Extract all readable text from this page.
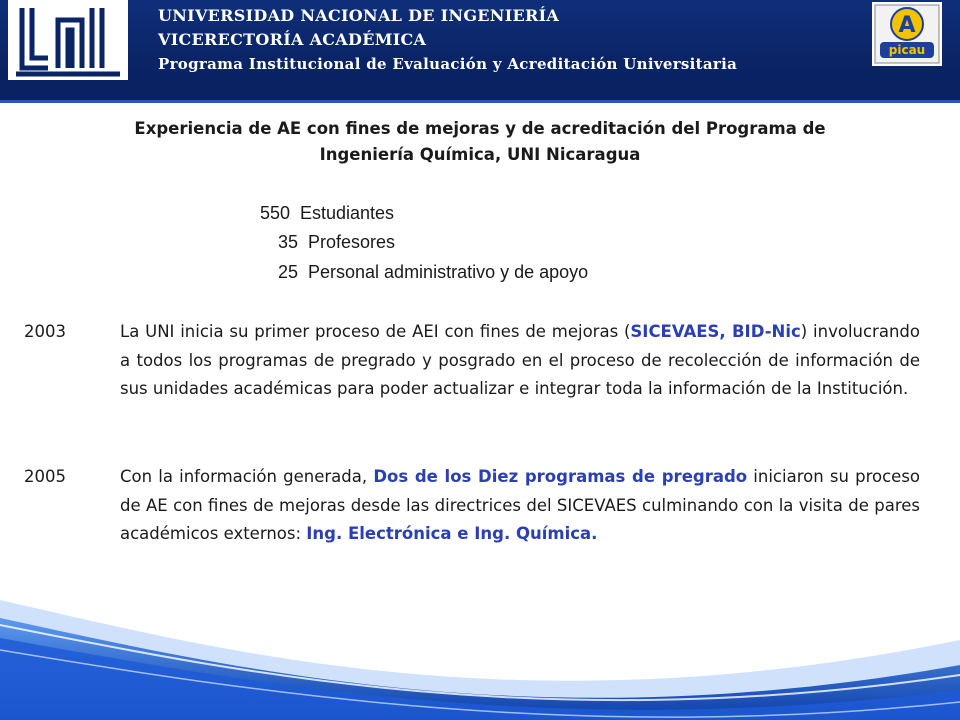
UNIVERSIDAD NACIONAL DE INGENIERÍA
VICERECTORÍA ACADÉMICA
Programa Institucional de Evaluación y Acreditación Universitaria
A
picau
Experiencia de AE con fines de mejoras y de acreditación del Programa de
Ingeniería Química, UNI Nicaragua
550 Estudiantes
35 Profesores
25 Personal administrativo y de apoyo
2003	La UNI inicia su primer proceso de AEI con fines de mejoras (SICEVAES, BID-Nic) involucrando a todos los programas de pregrado y posgrado en el proceso de recolección de información de sus unidades académicas para poder actualizar e integrar toda la información de la Institución.
2005	Con la información generada, Dos de los Diez programas de pregrado iniciaron su proceso de AE con fines de mejoras desde las directrices del SICEVAES culminando con la visita de pares académicos externos: Ing. Electrónica e Ing. Química.
